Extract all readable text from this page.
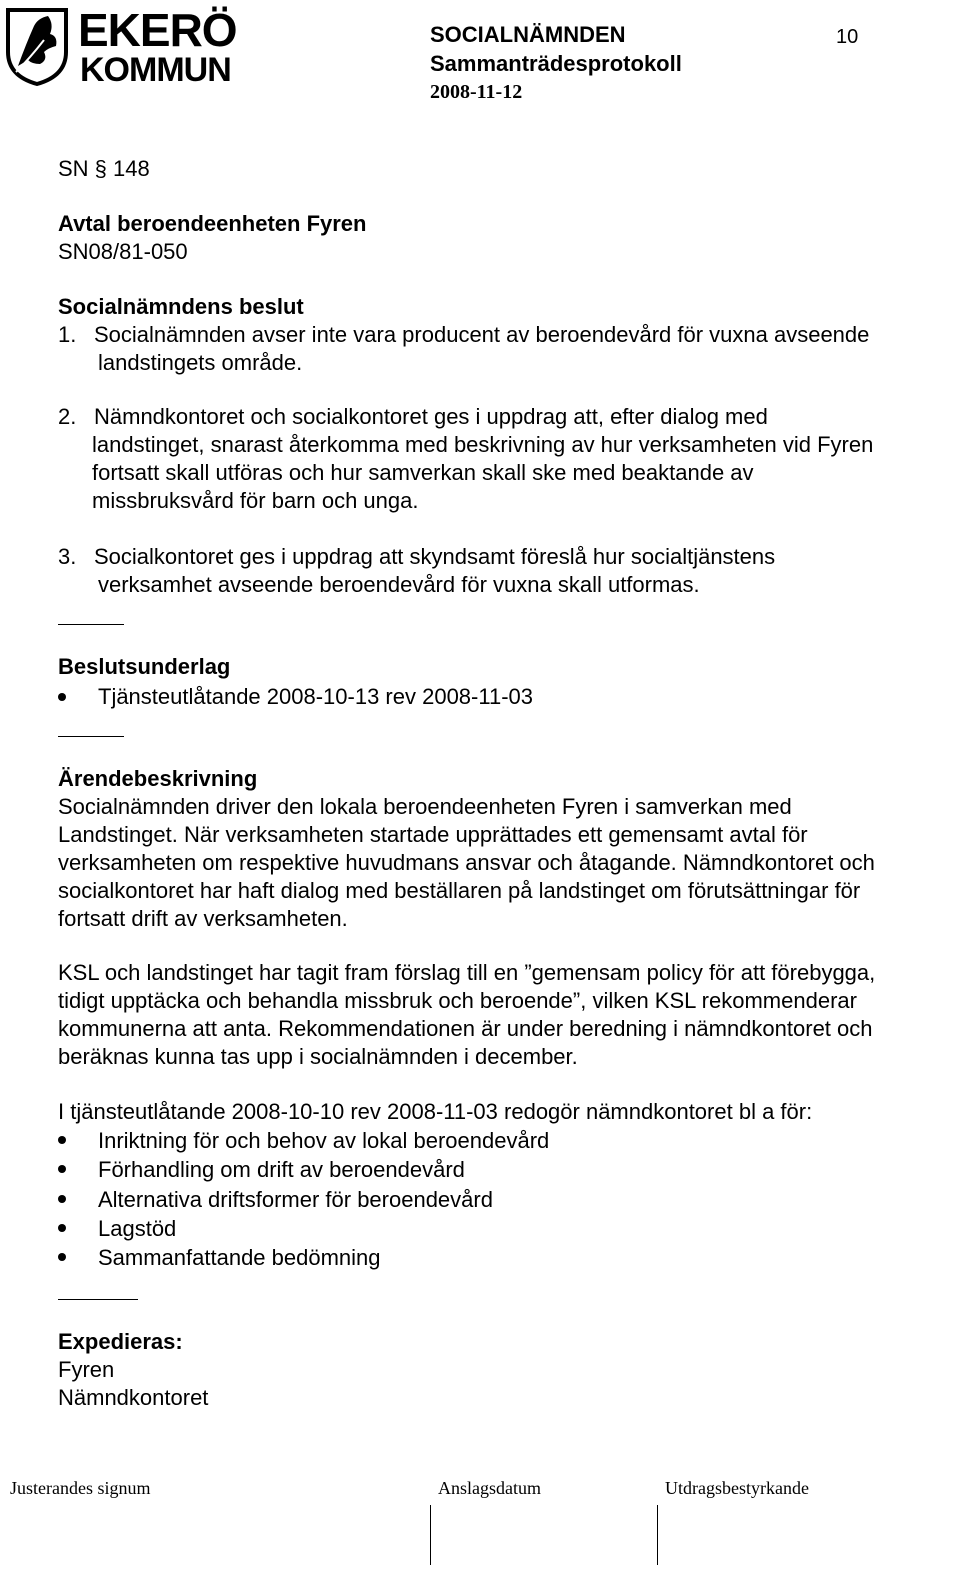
EKERÖ
KOMMUN
SOCIALNÄMNDEN	10
Sammanträdesprotokoll
2008-11-12
SN § 148
Avtal beroendeenheten Fyren
SN08/81-050
Socialnämndens beslut
1. Socialnämnden avser inte vara producent av beroendevård för vuxna avseende
landstingets område.
2. Nämndkontoret och socialkontoret ges i uppdrag att, efter dialog med
landstinget, snarast återkomma med beskrivning av hur verksamheten vid Fyren
fortsatt skall utföras och hur samverkan skall ske med beaktande av
missbruksvård för barn och unga.
3. Socialkontoret ges i uppdrag att skyndsamt föreslå hur socialtjänstens
verksamhet avseende beroendevård för vuxna skall utformas.
Beslutsunderlag
Tjänsteutlåtande 2008-10-13 rev 2008-11-03
Ärendebeskrivning
Socialnämnden driver den lokala beroendeenheten Fyren i samverkan med
Landstinget. När verksamheten startade upprättades ett gemensamt avtal för
verksamheten om respektive huvudmans ansvar och åtagande. Nämndkontoret och
socialkontoret har haft dialog med beställaren på landstinget om förutsättningar för
fortsatt drift av verksamheten.
KSL och landstinget har tagit fram förslag till en ”gemensam policy för att förebygga,
tidigt upptäcka och behandla missbruk och beroende”, vilken KSL rekommenderar
kommunerna att anta. Rekommendationen är under beredning i nämndkontoret och
beräknas kunna tas upp i socialnämnden i december.
I tjänsteutlåtande 2008-10-10 rev 2008-11-03 redogör nämndkontoret bl a för:
Inriktning för och behov av lokal beroendevård
Förhandling om drift av beroendevård
Alternativa driftsformer för beroendevård
Lagstöd
Sammanfattande bedömning
Expedieras:
Fyren
Nämndkontoret
Justerandes signum	Anslagsdatum	Utdragsbestyrkande
